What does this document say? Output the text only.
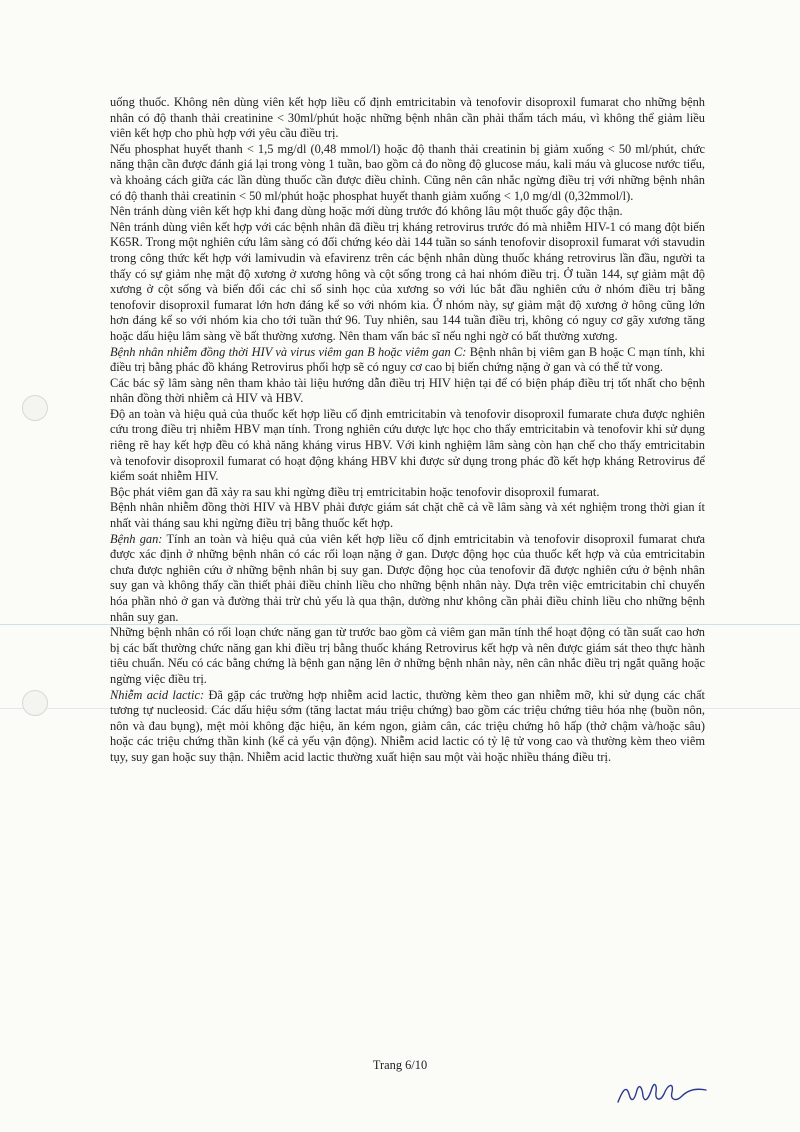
uống thuốc. Không nên dùng viên kết hợp liều cố định emtricitabin và tenofovir disoproxil fumarat cho những bệnh nhân có độ thanh thải creatinine < 30ml/phút hoặc những bệnh nhân cần phải thẩm tách máu, vì không thể giảm liều viên kết hợp cho phù hợp với yêu cầu điều trị.

Nếu phosphat huyết thanh < 1,5 mg/dl (0,48 mmol/l) hoặc độ thanh thải creatinin bị giảm xuống < 50 ml/phút, chức năng thận cần được đánh giá lại trong vòng 1 tuần, bao gồm cả đo nồng độ glucose máu, kali máu và glucose nước tiểu, và khoảng cách giữa các lần dùng thuốc cần được điều chỉnh. Cũng nên cân nhắc ngừng điều trị với những bệnh nhân có độ thanh thải creatinin < 50 ml/phút hoặc phosphat huyết thanh giảm xuống < 1,0 mg/dl (0,32mmol/l).

Nên tránh dùng viên kết hợp khi đang dùng hoặc mới dùng trước đó không lâu một thuốc gây độc thận.

Nên tránh dùng viên kết hợp với các bệnh nhân đã điều trị kháng retrovirus trước đó mà nhiễm HIV-1 có mang đột biến K65R. Trong một nghiên cứu lâm sàng có đối chứng kéo dài 144 tuần so sánh tenofovir disoproxil fumarat với stavudin trong công thức kết hợp với lamivudin và efavirenz trên các bệnh nhân dùng thuốc kháng retrovirus lần đầu, người ta thấy có sự giảm nhẹ mật độ xương ở xương hông và cột sống trong cả hai nhóm điều trị. Ở tuần 144, sự giảm mật độ xương ở cột sống và biến đổi các chỉ số sinh học của xương so với lúc bắt đầu nghiên cứu ở nhóm điều trị bằng tenofovir disoproxil fumarat lớn hơn đáng kể so với nhóm kia. Ở nhóm này, sự giảm mật độ xương ở hông cũng lớn hơn đáng kể so với nhóm kia cho tới tuần thứ 96. Tuy nhiên, sau 144 tuần điều trị, không có nguy cơ gãy xương tăng hoặc dấu hiệu lâm sàng về bất thường xương. Nên tham vấn bác sĩ nếu nghi ngờ có bất thường xương.

Bệnh nhân nhiễm đồng thời HIV và virus viêm gan B hoặc viêm gan C: Bệnh nhân bị viêm gan B hoặc C mạn tính, khi điều trị bằng phác đồ kháng Retrovirus phối hợp sẽ có nguy cơ cao bị biến chứng nặng ở gan và có thể tử vong.

Các bác sỹ lâm sàng nên tham khảo tài liệu hướng dẫn điều trị HIV hiện tại để có biện pháp điều trị tốt nhất cho bệnh nhân đồng thời nhiễm cả HIV và HBV.

Độ an toàn và hiệu quả của thuốc kết hợp liều cố định emtricitabin và tenofovir disoproxil fumarate chưa được nghiên cứu trong điều trị nhiễm HBV mạn tính. Trong nghiên cứu dược lực học cho thấy emtricitabin và tenofovir khi sử dụng riêng rẽ hay kết hợp đều có khả năng kháng virus HBV. Với kinh nghiệm lâm sàng còn hạn chế cho thấy emtricitabin và tenofovir disoproxil fumarat có hoạt động kháng HBV khi được sử dụng trong phác đồ kết hợp kháng Retrovirus để kiểm soát nhiễm HIV.

Bộc phát viêm gan đã xảy ra sau khi ngừng điều trị emtricitabin hoặc tenofovir disoproxil fumarat.

Bệnh nhân nhiễm đồng thời HIV và HBV phải được giám sát chặt chẽ cả về lâm sàng và xét nghiệm trong thời gian ít nhất vài tháng sau khi ngừng điều trị bằng thuốc kết hợp.

Bệnh gan: Tính an toàn và hiệu quả của viên kết hợp liều cố định emtricitabin và tenofovir disoproxil fumarat chưa được xác định ở những bệnh nhân có các rối loạn nặng ở gan. Dược động học của thuốc kết hợp và của emtricitabin chưa được nghiên cứu ở những bệnh nhân bị suy gan. Dược động học của tenofovir đã được nghiên cứu ở bệnh nhân suy gan và không thấy cần thiết phải điều chỉnh liều cho những bệnh nhân này. Dựa trên việc emtricitabin chỉ chuyển hóa phần nhỏ ở gan và đường thải trừ chủ yếu là qua thận, dường như không cần phải điều chỉnh liều cho những bệnh nhân suy gan.

Những bệnh nhân có rối loạn chức năng gan từ trước bao gồm cả viêm gan mãn tính thể hoạt động có tần suất cao hơn bị các bất thường chức năng gan khi điều trị bằng thuốc kháng Retrovirus kết hợp và nên được giám sát theo thực hành tiêu chuẩn. Nếu có các bằng chứng là bệnh gan nặng lên ở những bệnh nhân này, nên cân nhắc điều trị ngắt quãng hoặc ngừng việc điều trị.

Nhiễm acid lactic: Đã gặp các trường hợp nhiễm acid lactic, thường kèm theo gan nhiễm mỡ, khi sử dụng các chất tương tự nucleosid. Các dấu hiệu sớm (tăng lactat máu triệu chứng) bao gồm các triệu chứng tiêu hóa nhẹ (buồn nôn, nôn và đau bụng), mệt mỏi không đặc hiệu, ăn kém ngon, giảm cân, các triệu chứng hô hấp (thở chậm và/hoặc sâu) hoặc các triệu chứng thần kinh (kể cả yếu vận động). Nhiễm acid lactic có tỷ lệ tử vong cao và thường kèm theo viêm tụy, suy gan hoặc suy thận. Nhiễm acid lactic thường xuất hiện sau một vài hoặc nhiều tháng điều trị.

Trang 6/10
